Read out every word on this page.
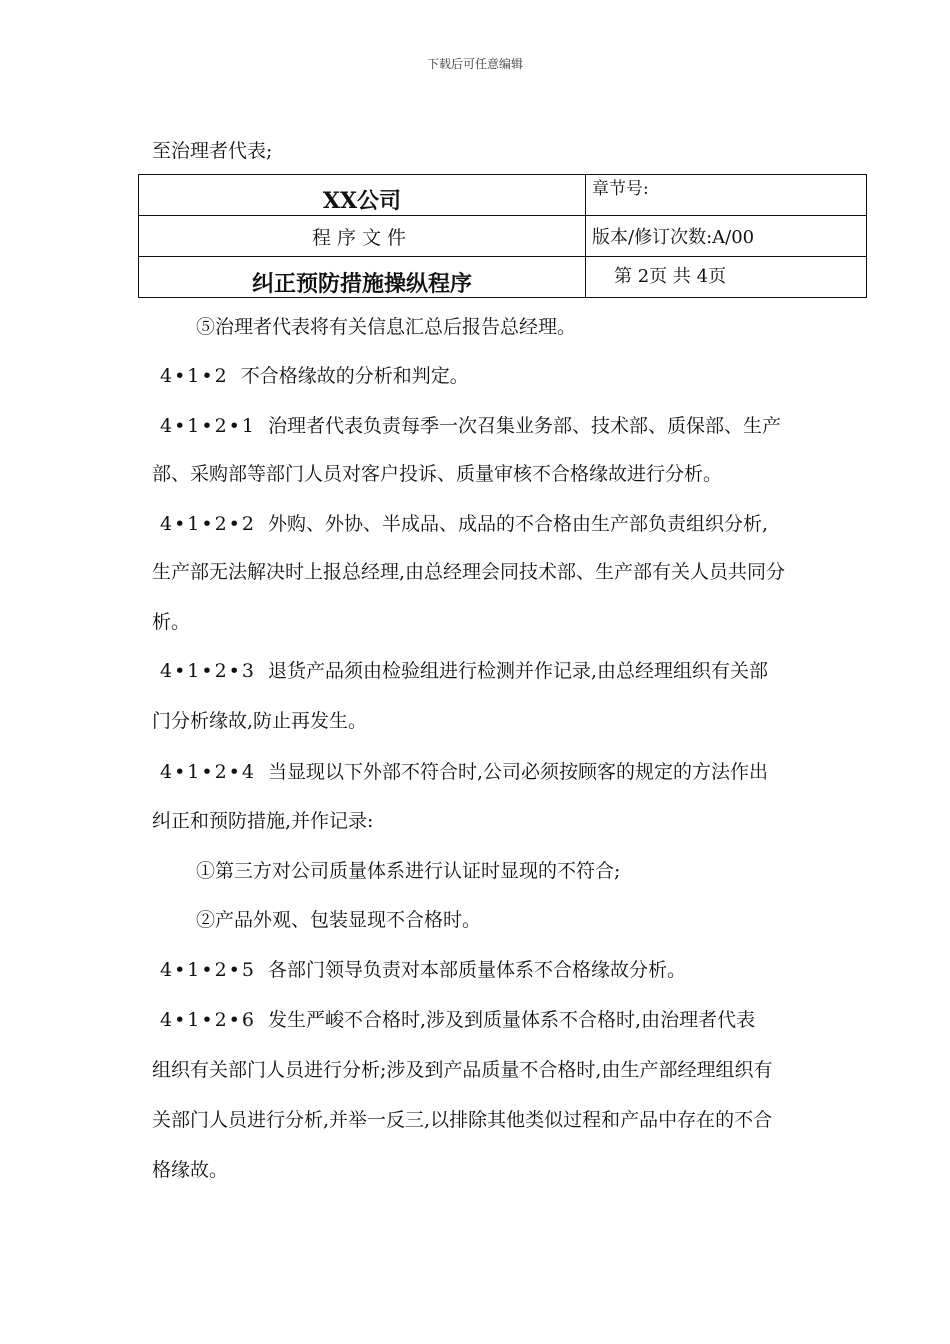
下载后可任意编辑
至治理者代表;
XX公司	章节号:
程序文件	版本/修订次数:A/00
纠正预防措施操纵程序	第 2页 共 4页
⑤治理者代表将有关信息汇总后报告总经理。
4•1•2 不合格缘故的分析和判定。
4•1•2•1 治理者代表负责每季一次召集业务部、技术部、质保部、生产
部、采购部等部门人员对客户投诉、质量审核不合格缘故进行分析。
4•1•2•2 外购、外协、半成品、成品的不合格由生产部负责组织分析,
生产部无法解决时上报总经理,由总经理会同技术部、生产部有关人员共同分
析。
4•1•2•3 退货产品须由检验组进行检测并作记录,由总经理组织有关部
门分析缘故,防止再发生。
4•1•2•4 当显现以下外部不符合时,公司必须按顾客的规定的方法作出
纠正和预防措施,并作记录:
①第三方对公司质量体系进行认证时显现的不符合;
②产品外观、包装显现不合格时。
4•1•2•5 各部门领导负责对本部质量体系不合格缘故分析。
4•1•2•6 发生严峻不合格时,涉及到质量体系不合格时,由治理者代表
组织有关部门人员进行分析;涉及到产品质量不合格时,由生产部经理组织有
关部门人员进行分析,并举一反三,以排除其他类似过程和产品中存在的不合
格缘故。
